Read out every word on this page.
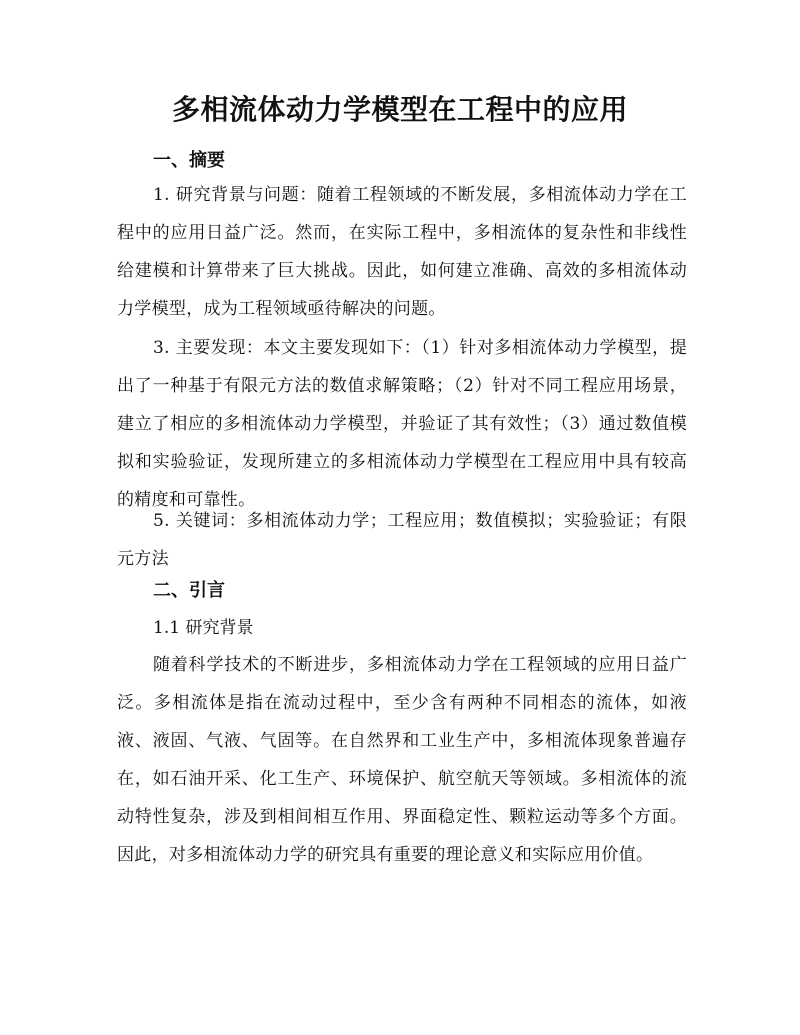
多相流体动力学模型在工程中的应用
一、摘要

1. 研究背景与问题：随着工程领域的不断发展，多相流体动力学在工程中的应用日益广泛。然而，在实际工程中，多相流体的复杂性和非线性给建模和计算带来了巨大挑战。因此，如何建立准确、高效的多相流体动力学模型，成为工程领域亟待解决的问题。

3. 主要发现：本文主要发现如下：（1）针对多相流体动力学模型，提出了一种基于有限元方法的数值求解策略；（2）针对不同工程应用场景，建立了相应的多相流体动力学模型，并验证了其有效性；（3）通过数值模拟和实验验证，发现所建立的多相流体动力学模型在工程应用中具有较高的精度和可靠性。

5. 关键词：多相流体动力学；工程应用；数值模拟；实验验证；有限元方法

二、引言

1.1 研究背景

随着科学技术的不断进步，多相流体动力学在工程领域的应用日益广泛。多相流体是指在流动过程中，至少含有两种不同相态的流体，如液液、液固、气液、气固等。在自然界和工业生产中，多相流体现象普遍存在，如石油开采、化工生产、环境保护、航空航天等领域。多相流体的流动特性复杂，涉及到相间相互作用、界面稳定性、颗粒运动等多个方面。因此，对多相流体动力学的研究具有重要的理论意义和实际应用价值。
